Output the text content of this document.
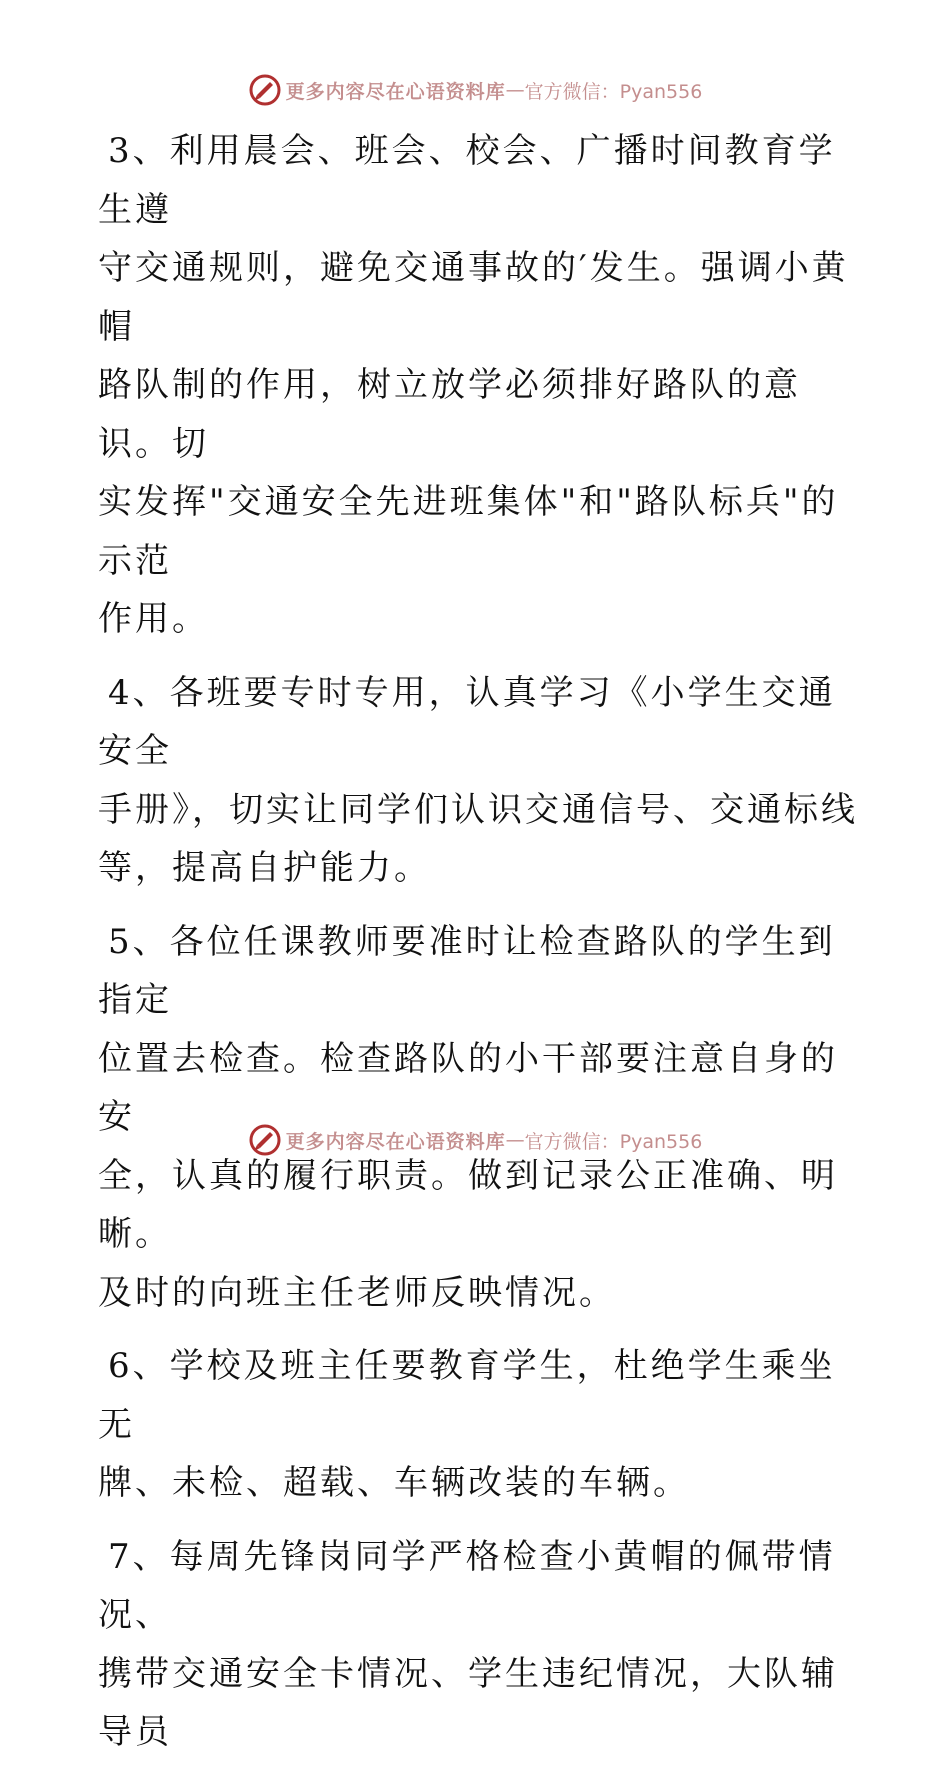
更多内容尽在心语资料库 — 官方微信：Pyan556

3、利用晨会、班会、校会、广播时间教育学生遵
守交通规则，避免交通事故的′发生。强调小黄帽
路队制的作用，树立放学必须排好路队的意识。切
实发挥"交通安全先进班集体"和"路队标兵"的示范
作用。

4、各班要专时专用，认真学习《小学生交通安全
手册》，切实让同学们认识交通信号、交通标线
等，提高自护能力。

5、各位任课教师要准时让检查路队的学生到指定
位置去检查。检查路队的小干部要注意自身的安
全，认真的履行职责。做到记录公正准确、明晰。
及时的向班主任老师反映情况。

6、学校及班主任要教育学生，杜绝学生乘坐无
牌、未检、超载、车辆改装的车辆。

7、每周先锋岗同学严格检查小黄帽的佩带情况、
携带交通安全卡情况、学生违纪情况，大队辅导员

更多内容尽在心语资料库 — 官方微信：Pyan556
